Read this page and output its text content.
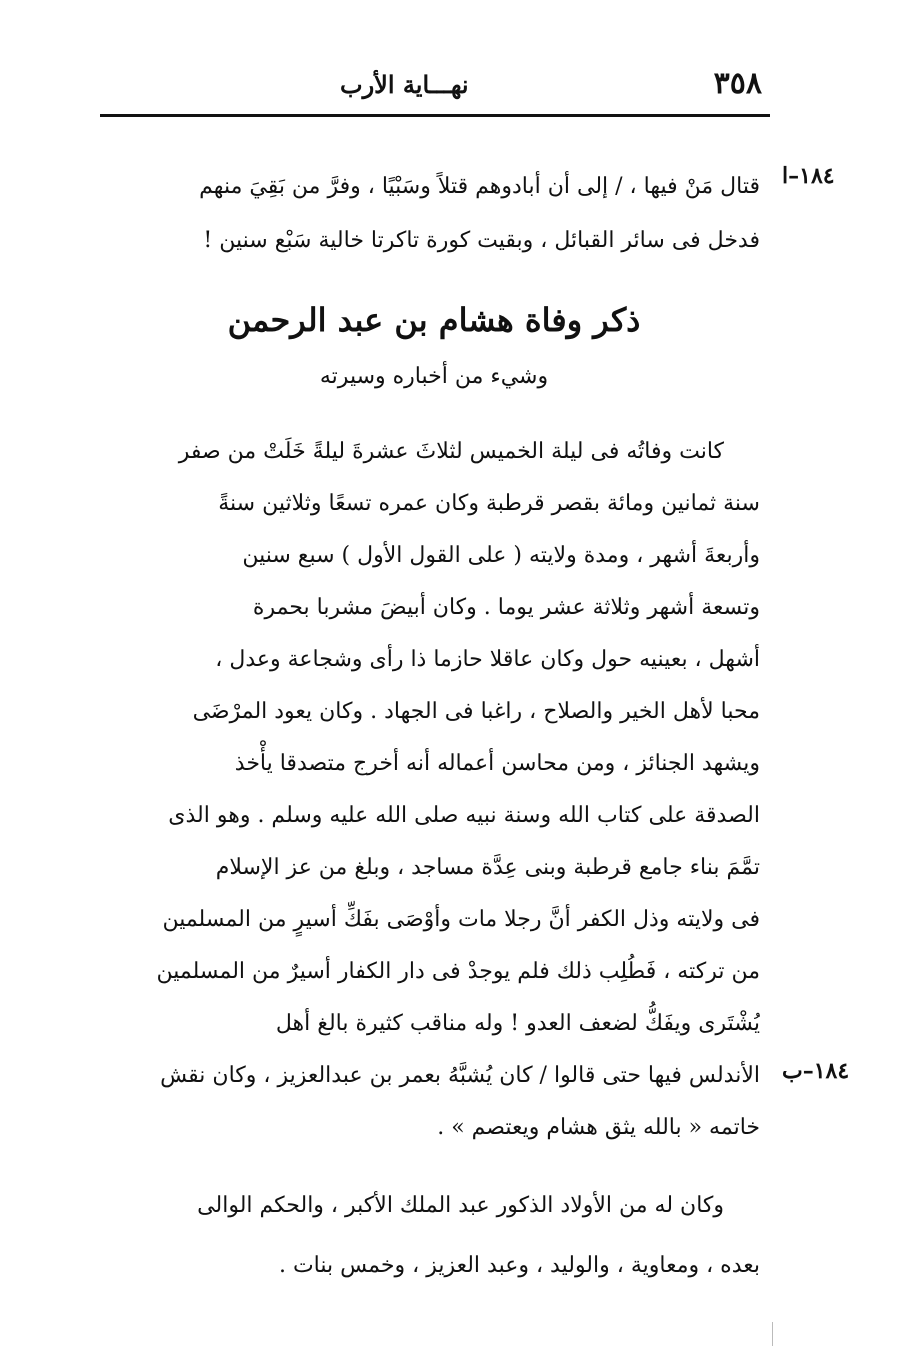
٣٥٨
نهـــاية الأرب
١٨٤–ا
١٨٤–ب
قتال مَنْ فيها ، / إلى أن أبادوهم قتلاً وسَبْيًا ، وفرَّ من بَقِيَ منهم
فدخل فى سائر القبائل ، وبقيت كورة تاكرتا خالية سَبْع سنين !
ذكر وفاة هشام بن عبد الرحمن
وشيء من أخباره وسيرته
كانت وفاتُه فى ليلة الخميس لثلاثَ عشرةَ ليلةً خَلَتْ من صفر
سنة ثمانين ومائة بقصر قرطبة وكان عمره تسعًا وثلاثين سنةً
وأربعةَ أشهر ، ومدة ولايته ( على القول الأول ) سبع سنين
وتسعة أشهر وثلاثة عشر يوما . وكان أبيضَ مشربا بحمرة
أشهل ، بعينيه حول وكان عاقلا حازما ذا رأى وشجاعة وعدل ،
محبا لأهل الخير والصلاح ، راغبا فى الجهاد . وكان يعود المرْضَى
ويشهد الجنائز ، ومن محاسن أعماله أنه أخرج متصدقا يأْخذ
الصدقة على كتاب الله وسنة نبيه صلى الله عليه وسلم . وهو الذى
تمَّمَ بناء جامع قرطبة وبنى عِدَّة مساجد ، وبلغ من عز الإسلام
فى ولايته وذل الكفر أنَّ رجلا مات وأوْصَى بفَكِّ أسيرٍ من المسلمين
من تركته ، فَطُلِب ذلك فلم يوجدْ فى دار الكفار أسيرٌ من المسلمين
يُشْتَرى ويفَكُّ لضعف العدو ! وله مناقب كثيرة بالغ أهل
الأندلس فيها حتى قالوا / كان يُشبَّهُ بعمر بن عبدالعزيز ، وكان نقش
خاتمه « بالله يثق هشام ويعتصم » .
وكان له من الأولاد الذكور عبد الملك الأكبر ، والحكم الوالى
بعده ، ومعاوية ، والوليد ، وعبد العزيز ، وخمس بنات .
